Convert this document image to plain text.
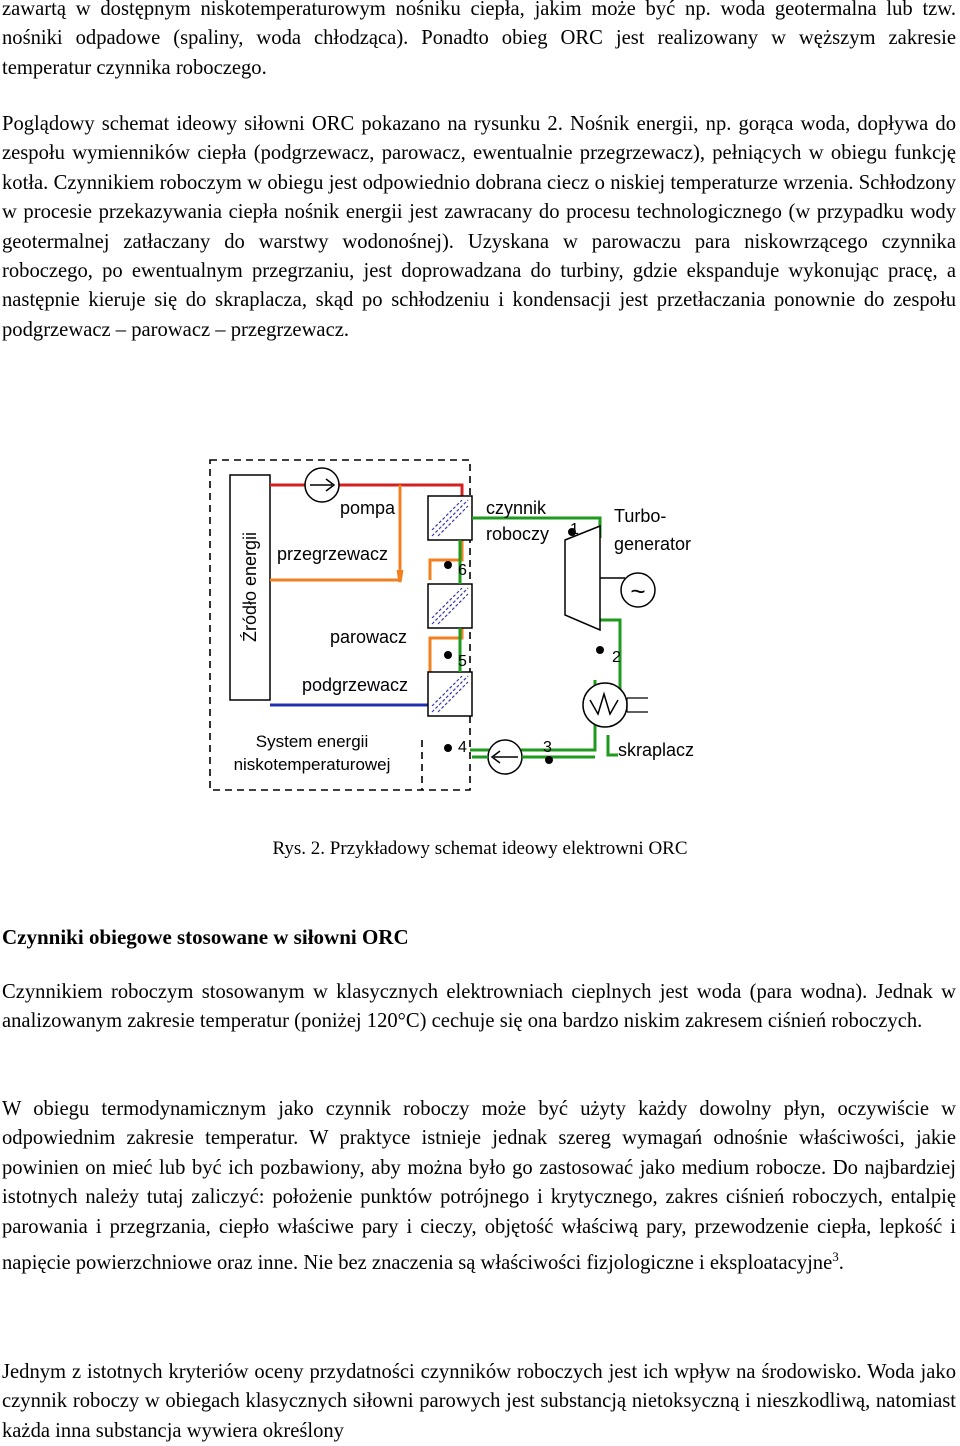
zawartą w dostępnym niskotemperaturowym nośniku ciepła, jakim może być np. woda geotermalna lub tzw. nośniki odpadowe (spaliny, woda chłodząca). Ponadto obieg ORC jest realizowany w węższym zakresie temperatur czynnika roboczego.

Poglądowy schemat ideowy siłowni ORC pokazano na rysunku 2. Nośnik energii, np. gorąca woda, dopływa do zespołu wymienników ciepła (podgrzewacz, parowacz, ewentualnie przegrzewacz), pełniących w obiegu funkcję kotła. Czynnikiem roboczym w obiegu jest odpowiednio dobrana ciecz o niskiej temperaturze wrzenia. Schłodzony w procesie przekazywania ciepła nośnik energii jest zawracany do procesu technologicznego (w przypadku wody geotermalnej zatłaczany do warstwy wodonośnej). Uzyskana w parowaczu para niskowrzącego czynnika roboczego, po ewentualnym przegrzaniu, jest doprowadzana do turbiny, gdzie ekspanduje wykonując pracę, a następnie kieruje się do skraplacza, skąd po schłodzeniu i kondensacji jest przetłaczania ponownie do zespołu podgrzewacz – parowacz – przegrzewacz.

Źródło energii	~
pompa
przegrzewacz
parowacz
podgrzewacz
System energii
niskotemperaturowej
czynnik
roboczy
Turbo-
generator
skraplacz
1
2
3
4
5
6

Rys. 2. Przykładowy schemat ideowy elektrowni ORC

Czynniki obiegowe stosowane w siłowni ORC

Czynnikiem roboczym stosowanym w klasycznych elektrowniach cieplnych jest woda (para wodna). Jednak w analizowanym zakresie temperatur (poniżej 120°C) cechuje się ona bardzo niskim zakresem ciśnień roboczych.

W obiegu termodynamicznym jako czynnik roboczy może być użyty każdy dowolny płyn, oczywiście w odpowiednim zakresie temperatur. W praktyce istnieje jednak szereg wymagań odnośnie właściwości, jakie powinien on mieć lub być ich pozbawiony, aby można było go zastosować jako medium robocze. Do najbardziej istotnych należy tutaj zaliczyć: położenie punktów potrójnego i krytycznego, zakres ciśnień roboczych, entalpię parowania i przegrzania, ciepło właściwe pary i cieczy, objętość właściwą pary, przewodzenie ciepła, lepkość i napięcie powierzchniowe oraz inne. Nie bez znaczenia są właściwości fizjologiczne i eksploatacyjne$^3$.

Jednym z istotnych kryteriów oceny przydatności czynników roboczych jest ich wpływ na środowisko. Woda jako czynnik roboczy w obiegach klasycznych siłowni parowych jest substancją nietoksyczną i nieszkodliwą, natomiast każda inna substancja wywiera określony
